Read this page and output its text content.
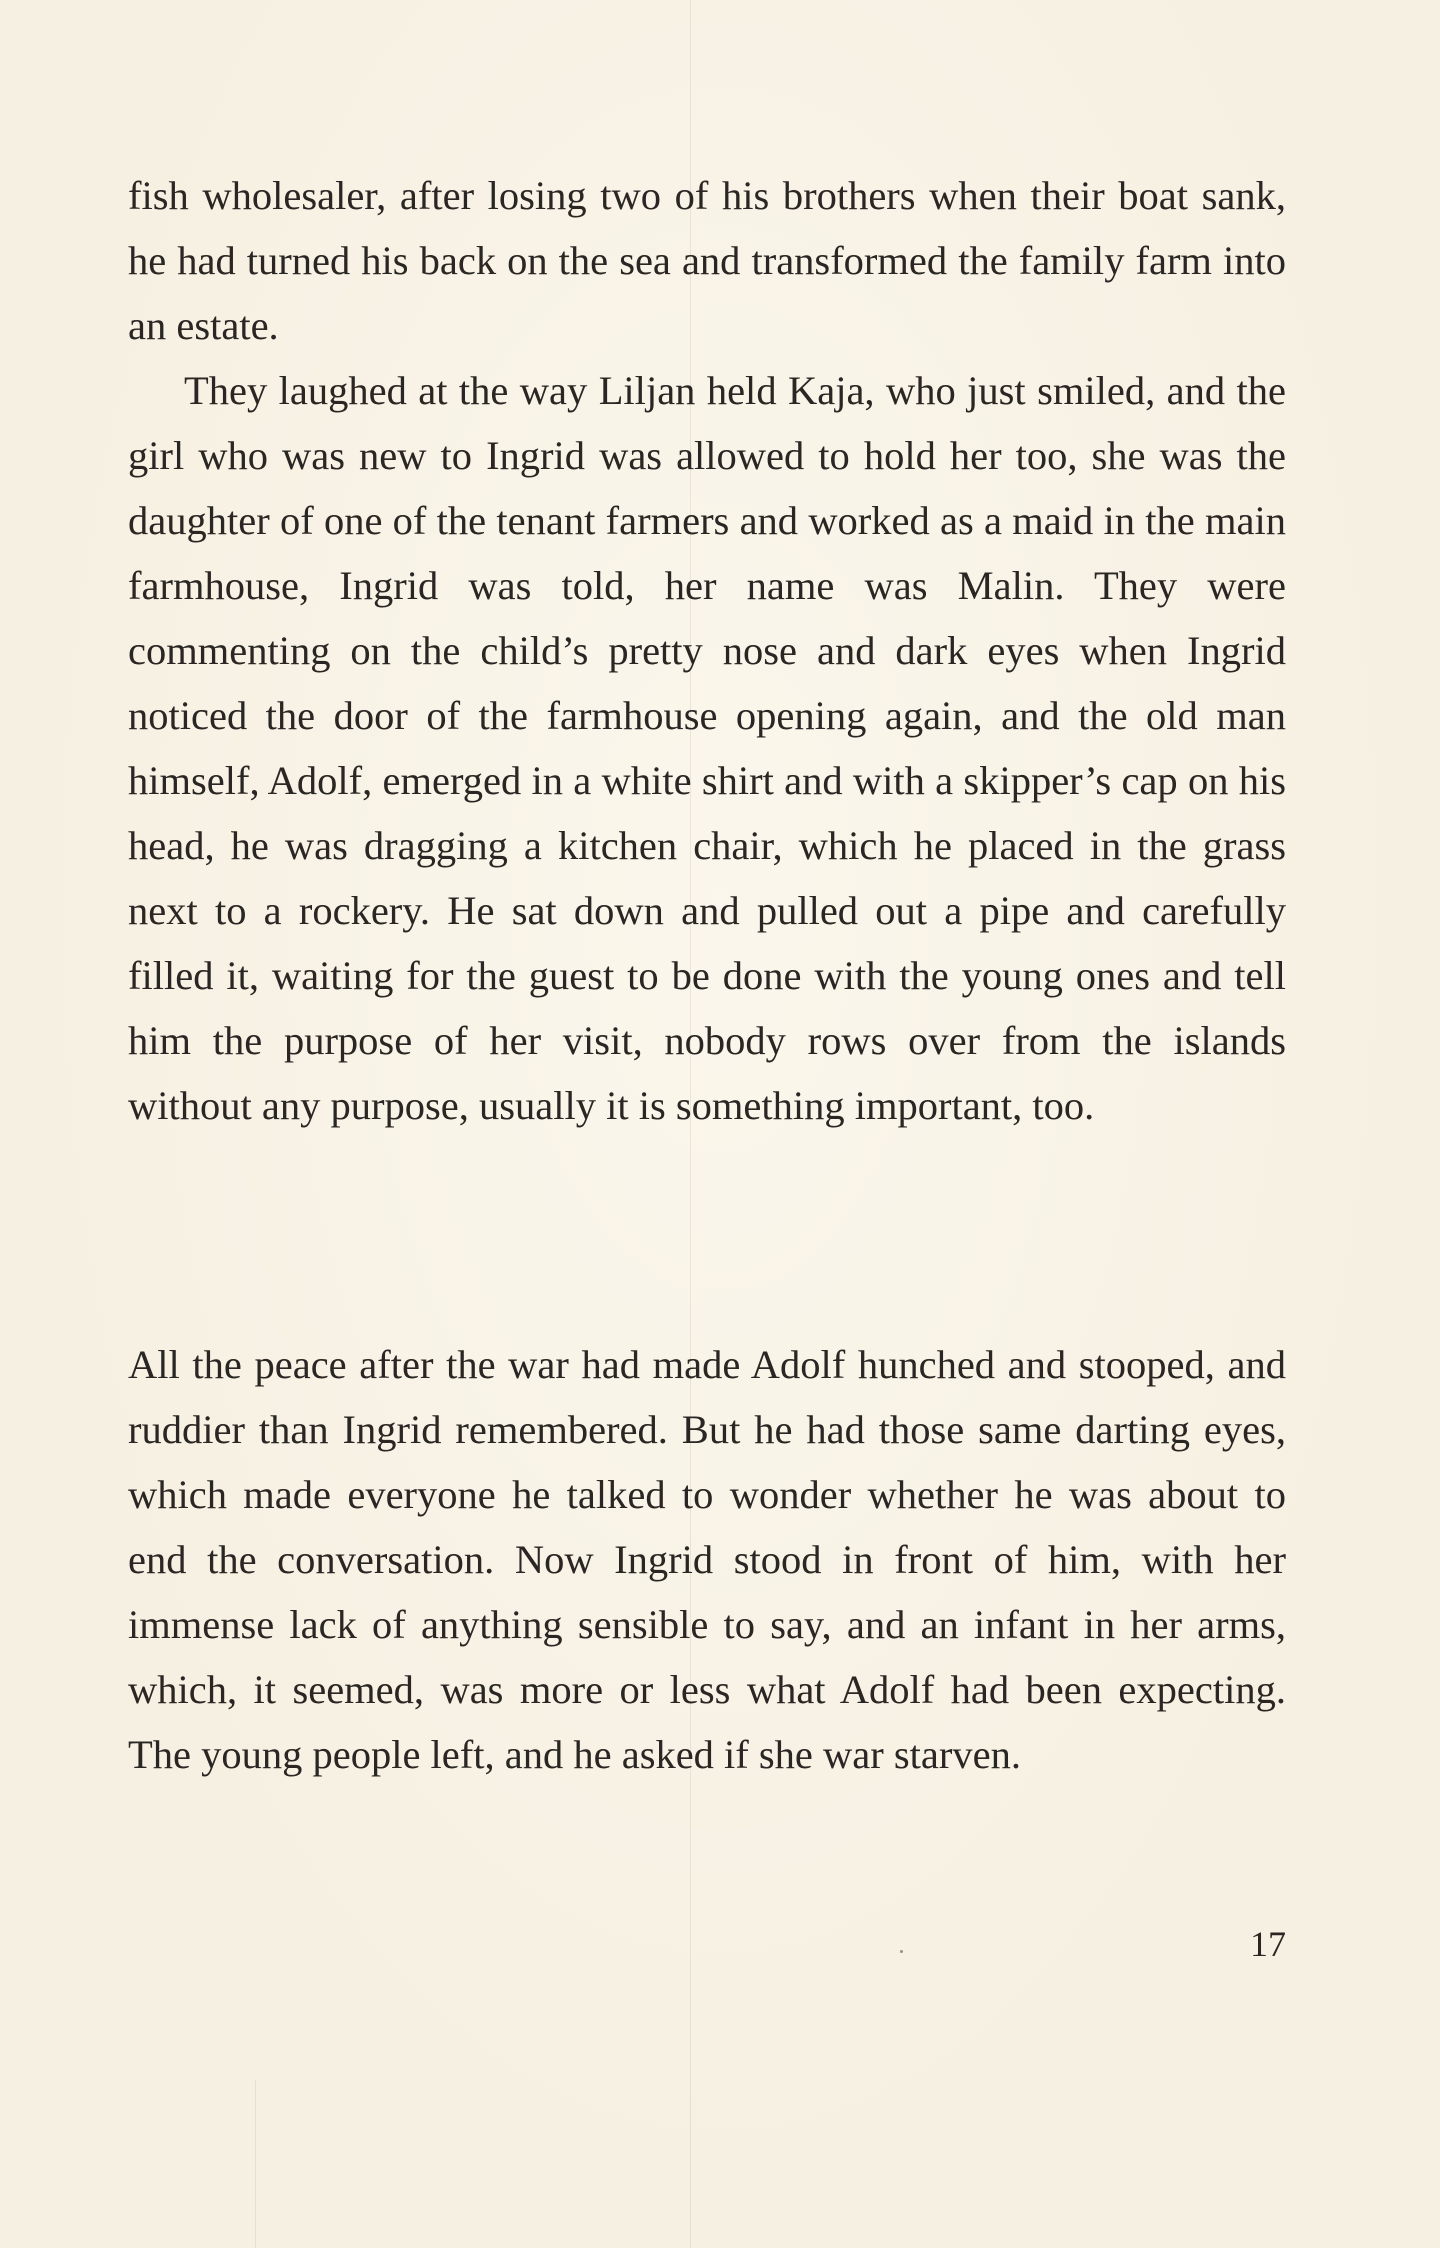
fish wholesaler, after losing two of his brothers when their boat sank, he had turned his back on the sea and transformed the family farm into an estate.

They laughed at the way Liljan held Kaja, who just smiled, and the girl who was new to Ingrid was allowed to hold her too, she was the daughter of one of the tenant farmers and worked as a maid in the main farmhouse, Ingrid was told, her name was Malin. They were commenting on the child’s pretty nose and dark eyes when Ingrid noticed the door of the farmhouse opening again, and the old man himself, Adolf, emerged in a white shirt and with a skipper’s cap on his head, he was dragging a kitchen chair, which he placed in the grass next to a rockery. He sat down and pulled out a pipe and carefully filled it, waiting for the guest to be done with the young ones and tell him the purpose of her visit, nobody rows over from the islands without any purpose, usually it is something important, too.

All the peace after the war had made Adolf hunched and stooped, and ruddier than Ingrid remembered. But he had those same darting eyes, which made everyone he talked to wonder whether he was about to end the conversation. Now Ingrid stood in front of him, with her immense lack of anything sensible to say, and an infant in her arms, which, it seemed, was more or less what Adolf had been expecting. The young people left, and he asked if she war starven.

17
